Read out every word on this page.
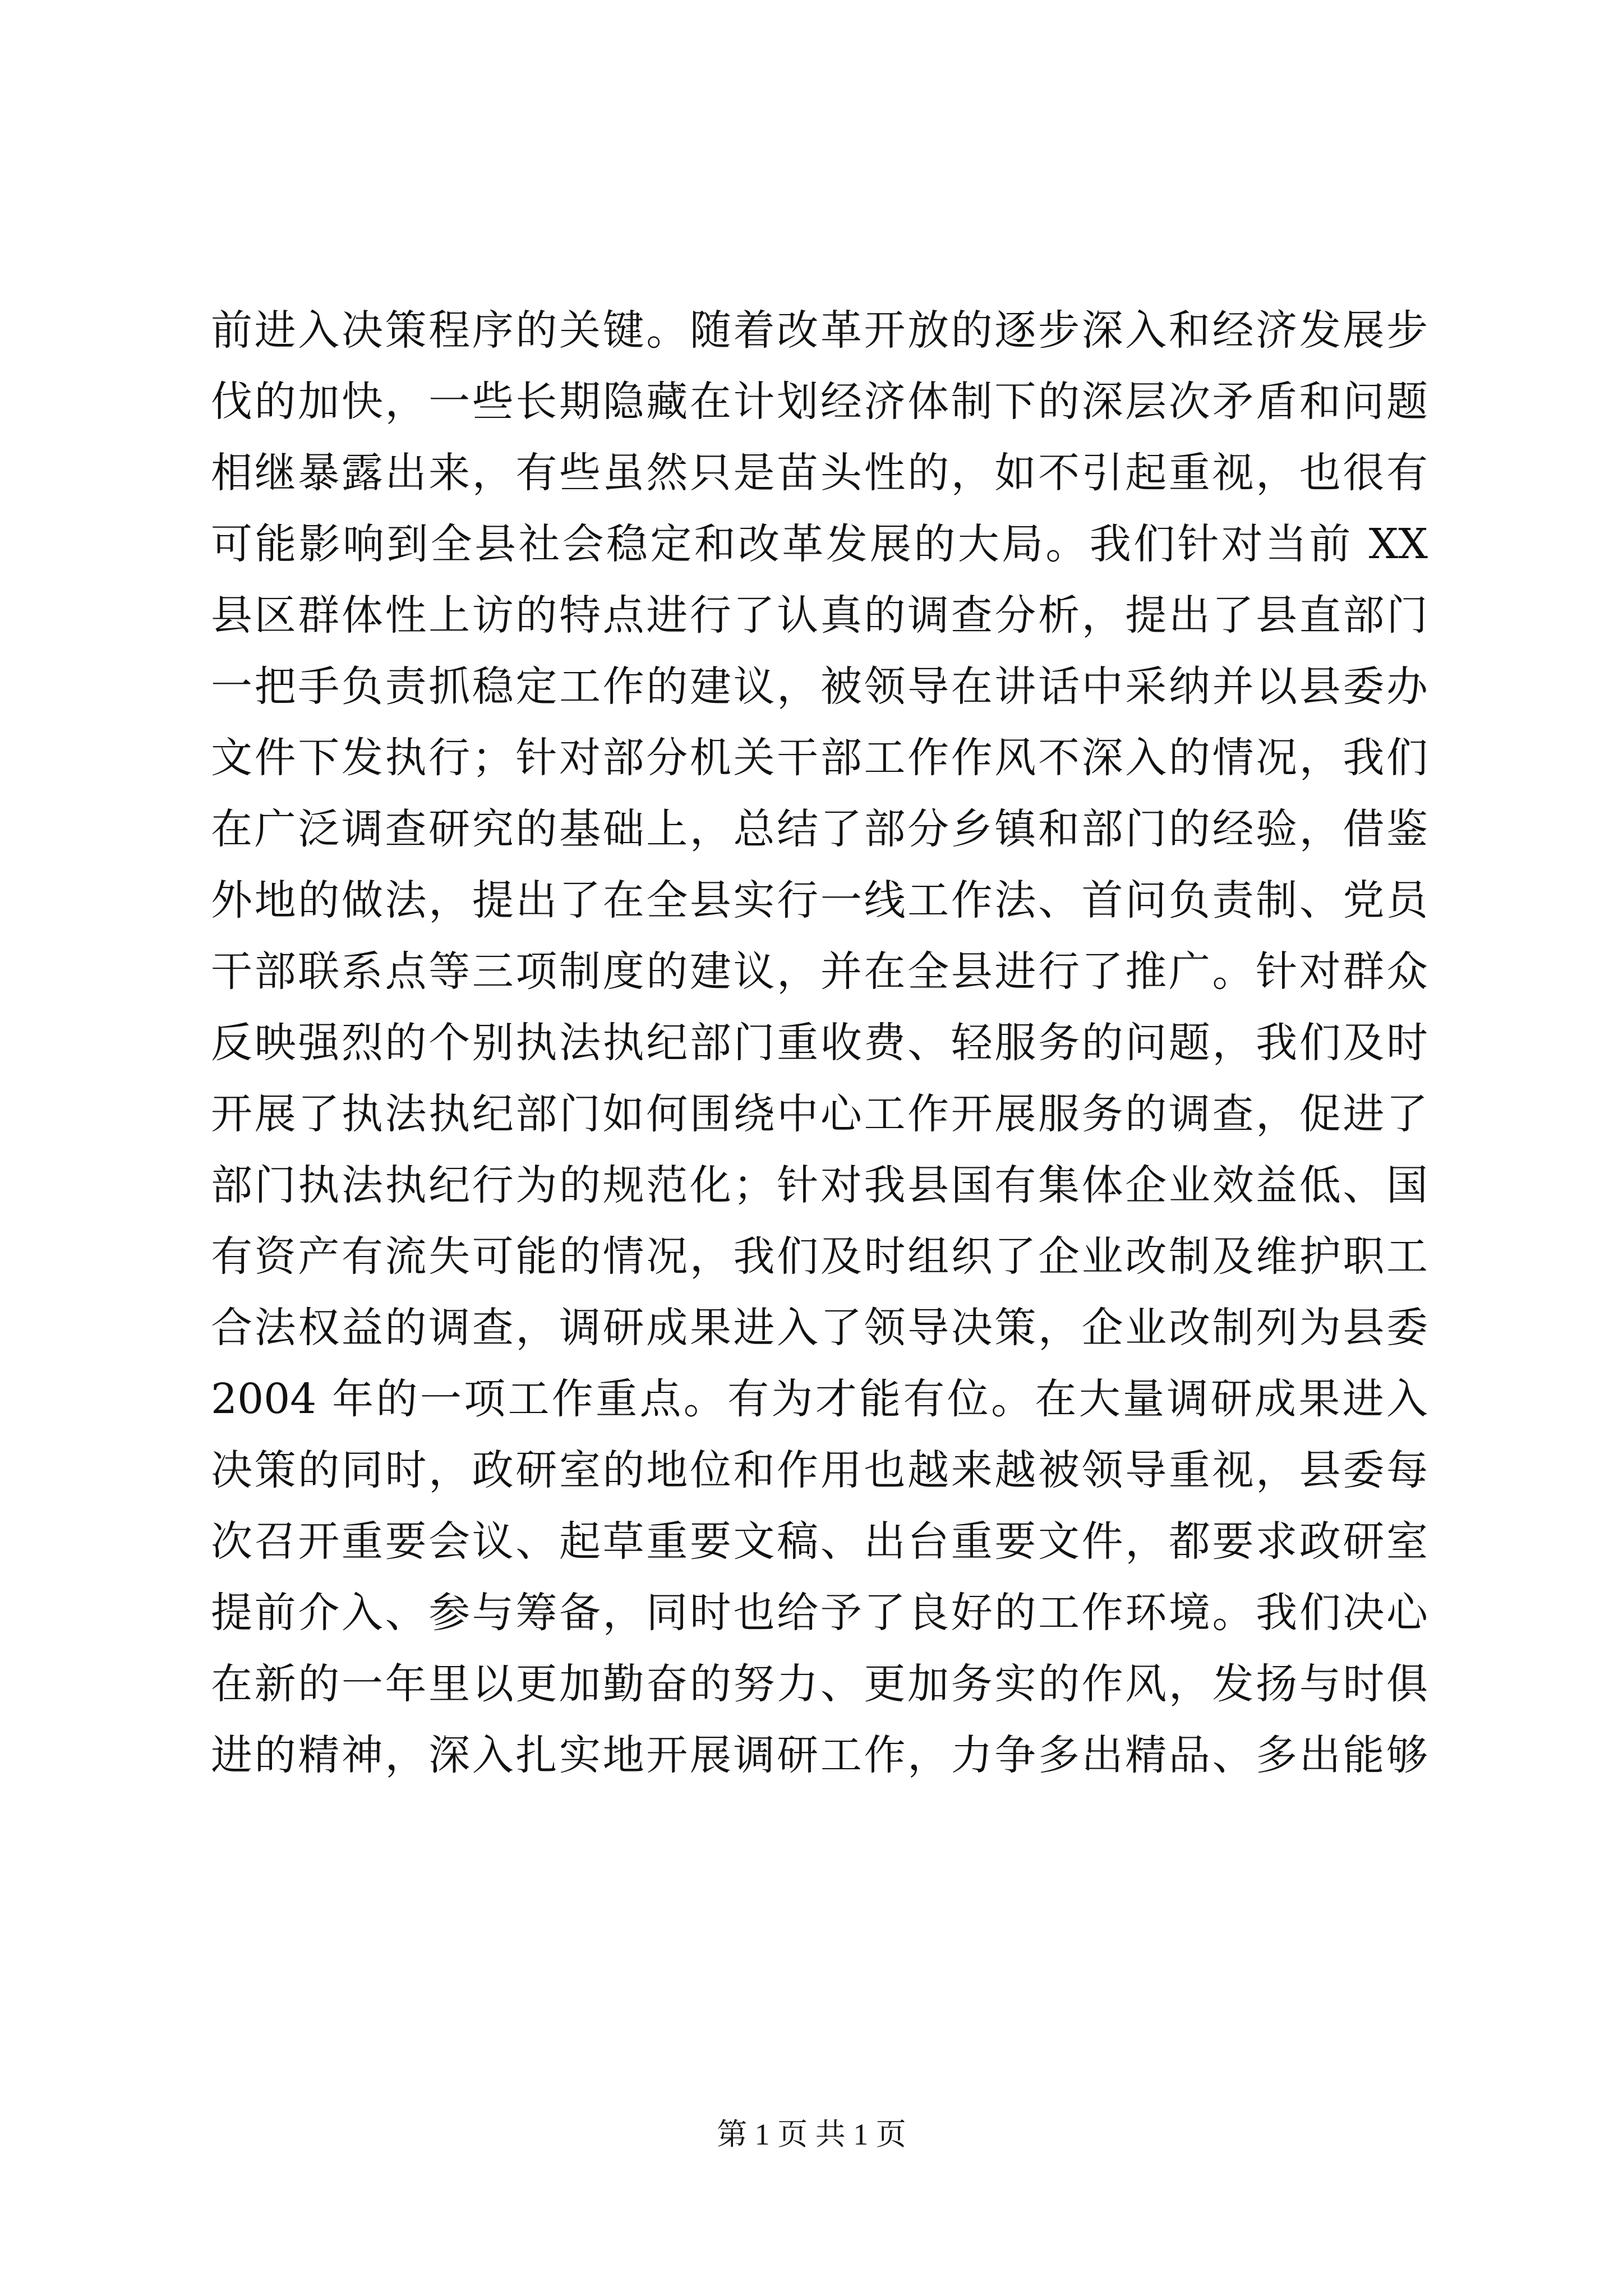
前进入决策程序的关键。随着改革开放的逐步深入和经济发展步
伐的加快，一些长期隐藏在计划经济体制下的深层次矛盾和问题
相继暴露出来，有些虽然只是苗头性的，如不引起重视，也很有
可能影响到全县社会稳定和改革发展的大局。我们针对当前 XX
县区群体性上访的特点进行了认真的调查分析，提出了县直部门
一把手负责抓稳定工作的建议，被领导在讲话中采纳并以县委办
文件下发执行；针对部分机关干部工作作风不深入的情况，我们
在广泛调查研究的基础上，总结了部分乡镇和部门的经验，借鉴
外地的做法，提出了在全县实行一线工作法、首问负责制、党员
干部联系点等三项制度的建议，并在全县进行了推广。针对群众
反映强烈的个别执法执纪部门重收费、轻服务的问题，我们及时
开展了执法执纪部门如何围绕中心工作开展服务的调查，促进了
部门执法执纪行为的规范化；针对我县国有集体企业效益低、国
有资产有流失可能的情况，我们及时组织了企业改制及维护职工
合法权益的调查，调研成果进入了领导决策，企业改制列为县委
2004 年的一项工作重点。有为才能有位。在大量调研成果进入
决策的同时，政研室的地位和作用也越来越被领导重视，县委每
次召开重要会议、起草重要文稿、出台重要文件，都要求政研室
提前介入、参与筹备，同时也给予了良好的工作环境。我们决心
在新的一年里以更加勤奋的努力、更加务实的作风，发扬与时俱
进的精神，深入扎实地开展调研工作，力争多出精品、多出能够
第 1 页 共 1 页
